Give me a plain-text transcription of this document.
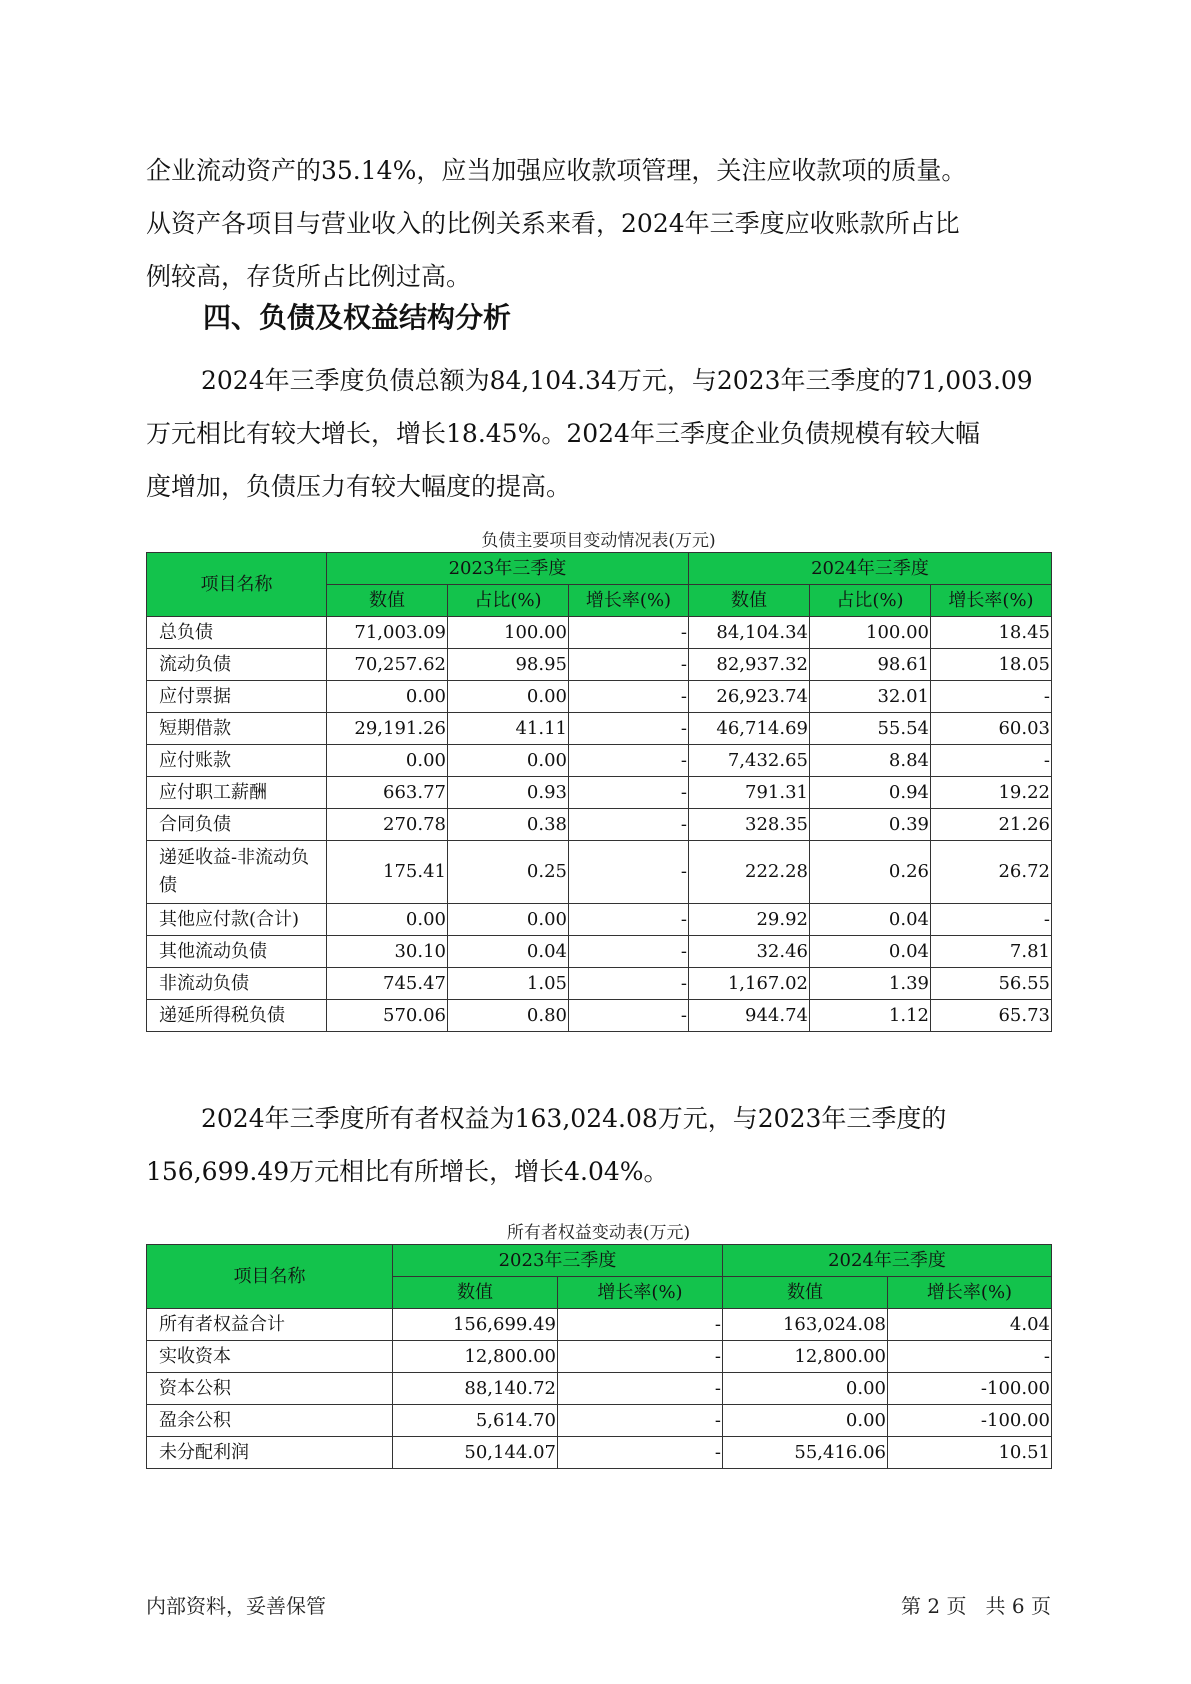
企业流动资产的35.14%，应当加强应收款项管理，关注应收款项的质量。
从资产各项目与营业收入的比例关系来看，2024年三季度应收账款所占比
例较高，存货所占比例过高。

四、负债及权益结构分析

2024年三季度负债总额为84,104.34万元，与2023年三季度的71,003.09
万元相比有较大增长，增长18.45%。2024年三季度企业负债规模有较大幅
度增加，负债压力有较大幅度的提高。

负债主要项目变动情况表(万元)
项目名称	2023年三季度			2024年三季度		
	数值	占比(%)	增长率(%)	数值	占比(%)	增长率(%)
总负债	71,003.09	100.00	-	84,104.34	100.00	18.45
流动负债	70,257.62	98.95	-	82,937.32	98.61	18.05
应付票据	0.00	0.00	-	26,923.74	32.01	-
短期借款	29,191.26	41.11	-	46,714.69	55.54	60.03
应付账款	0.00	0.00	-	7,432.65	8.84	-
应付职工薪酬	663.77	0.93	-	791.31	0.94	19.22
合同负债	270.78	0.38	-	328.35	0.39	21.26
递延收益-非流动负债	175.41	0.25	-	222.28	0.26	26.72
其他应付款(合计)	0.00	0.00	-	29.92	0.04	-
其他流动负债	30.10	0.04	-	32.46	0.04	7.81
非流动负债	745.47	1.05	-	1,167.02	1.39	56.55
递延所得税负债	570.06	0.80	-	944.74	1.12	65.73

2024年三季度所有者权益为163,024.08万元，与2023年三季度的
156,699.49万元相比有所增长，增长4.04%。

所有者权益变动表(万元)
项目名称	2023年三季度		2024年三季度	
	数值	增长率(%)	数值	增长率(%)
所有者权益合计	156,699.49	-	163,024.08	4.04
实收资本	12,800.00	-	12,800.00	-
资本公积	88,140.72	-	0.00	-100.00
盈余公积	5,614.70	-	0.00	-100.00
未分配利润	50,144.07	-	55,416.06	10.51
内部资料，妥善保管	第 2 页   共 6 页
